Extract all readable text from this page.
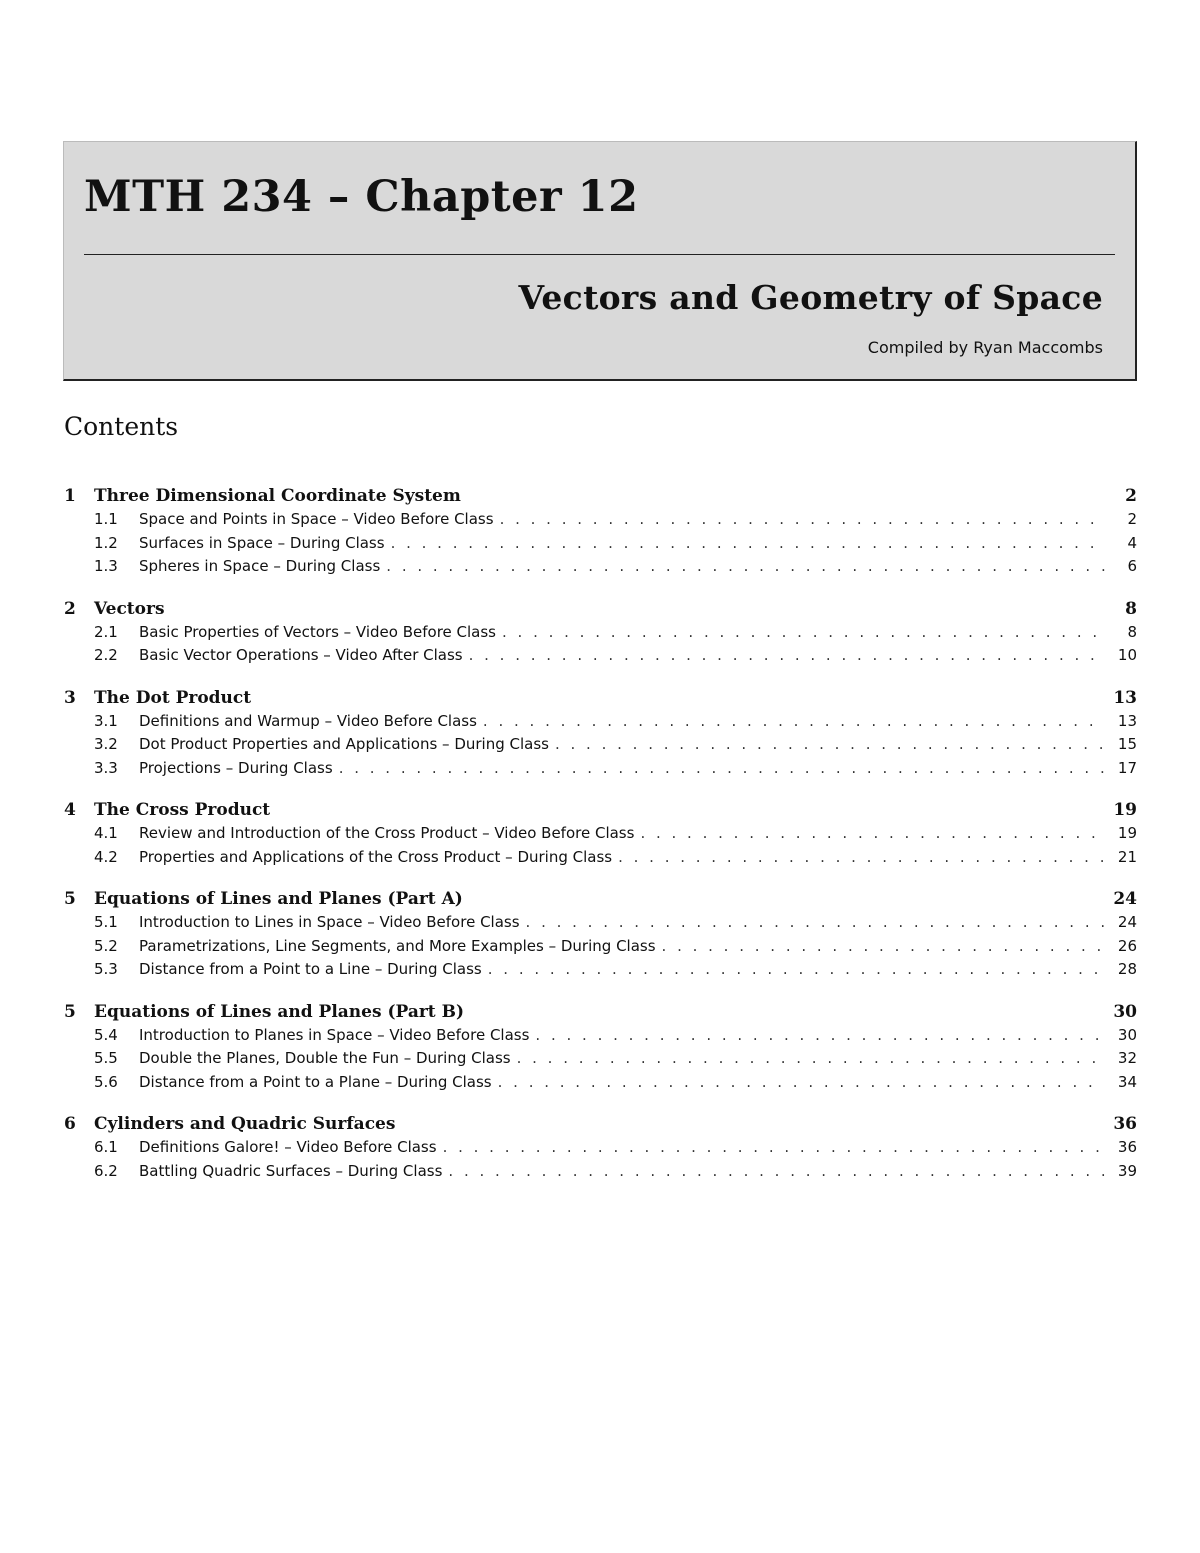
MTH 234 – Chapter 12
Vectors and Geometry of Space

Compiled by Ryan Maccombs

Contents
1	Three Dimensional Coordinate System	2
1.1	Space and Points in Space – Video Before Class . . .	2
1.2	Surfaces in Space – During Class . . .	4
1.3	Spheres in Space – During Class . . .	6
2	Vectors	8
2.1	Basic Properties of Vectors – Video Before Class . . .	8
2.2	Basic Vector Operations – Video After Class . . .	10
3	The Dot Product	13
3.1	Definitions and Warmup – Video Before Class . . .	13
3.2	Dot Product Properties and Applications – During Class . . .	15
3.3	Projections – During Class . . .	17
4	The Cross Product	19
4.1	Review and Introduction of the Cross Product – Video Before Class . . .	19
4.2	Properties and Applications of the Cross Product – During Class . . .	21
5	Equations of Lines and Planes (Part A)	24
5.1	Introduction to Lines in Space – Video Before Class . . .	24
5.2	Parametrizations, Line Segments, and More Examples – During Class . . .	26
5.3	Distance from a Point to a Line – During Class . . .	28
5	Equations of Lines and Planes (Part B)	30
5.4	Introduction to Planes in Space – Video Before Class . . .	30
5.5	Double the Planes, Double the Fun – During Class . . .	32
5.6	Distance from a Point to a Plane – During Class . . .	34
6	Cylinders and Quadric Surfaces	36
6.1	Definitions Galore! – Video Before Class . . .	36
6.2	Battling Quadric Surfaces – During Class . . .	39
